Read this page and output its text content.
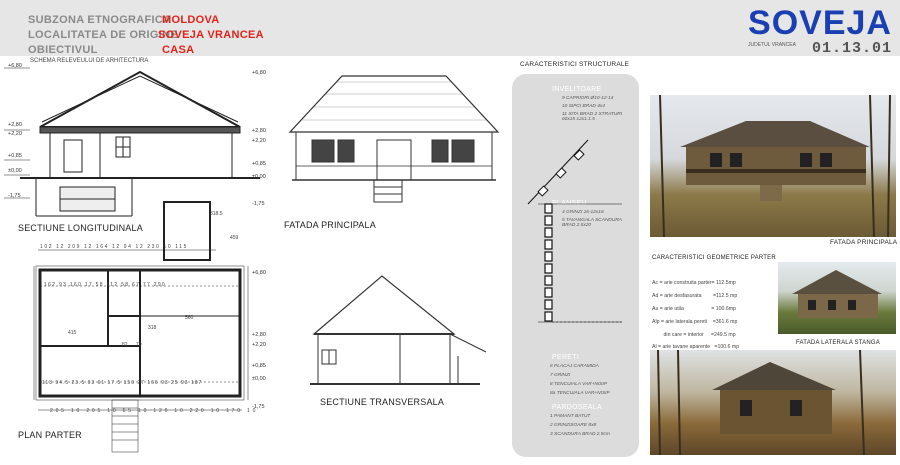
SUBZONA ETNOGRAFICA
MOLDOVA
LOCALITATEA DE ORIGINE
SOVEJA VRANCEA
OBIECTIVUL	CASA
SOVEJA
JUDETUL VRANCEA	01.13.01
SCHEMA RELEVEULUI DE ARHITECTURA
+6,80
+2,80
+2,20
+0,85
±0,00
-1,75
SECTIUNE LONGITUDINALA
102 12 209 12 164 12 94 12 230 10 115
162 93 160 17 58 112 58 67 77 290
113 94.5 23.5 93 61 17.5 150 27 166 93 25 93 187
205 10 205 10 65 10 120 10 220 10 170 10
415
560
318.5
82 70
318
459
PLAN PARTER
+6,80
+2,80
+2,20
+0,85
±0,00
-1,75
+6,80
+2,80
+2,20
+0,85
±0,00
-1,75
FATADA PRINCIPALA
SECTIUNE TRANSVERSALA
CARACTERISTICI STRUCTURALE
INVELITOARE
9 CAPRIORI Ø10-12-14
10 SIPCI BRAD 4x4
11 SITA BRAD 2 STRATURI 60x15 12x1.1.5
PLANSEU
4 GRINZI 16-12x16
5 TAVANGALA SCANDURA BRAD 2.5x20
PERETI
6 PLACAJ CARAMIDA
7 GRINZI
8 TENCUIALA VAR+NISIP
8a TENCUIALA VAR+NISIP
PARDOSEALA
1 PAMANT BATUT
2 GRINZISOARE 8x8
3 SCANDURA BRAD 2.5cm
FATADA PRINCIPALA
CARACTERISTICI GEOMETRICE PARTER

Ac = arie construita parter= 112.5mp

Ad = arie desfasurata        =112.5 mp

Au = arie utila                   = 100.6mp

Alp = arie laterala pereti    =361.6 mp

din care = interior     =249.5 mp

Al = arie tavane aparente   =100.6 mp

FATADA LATERALA STANGA
